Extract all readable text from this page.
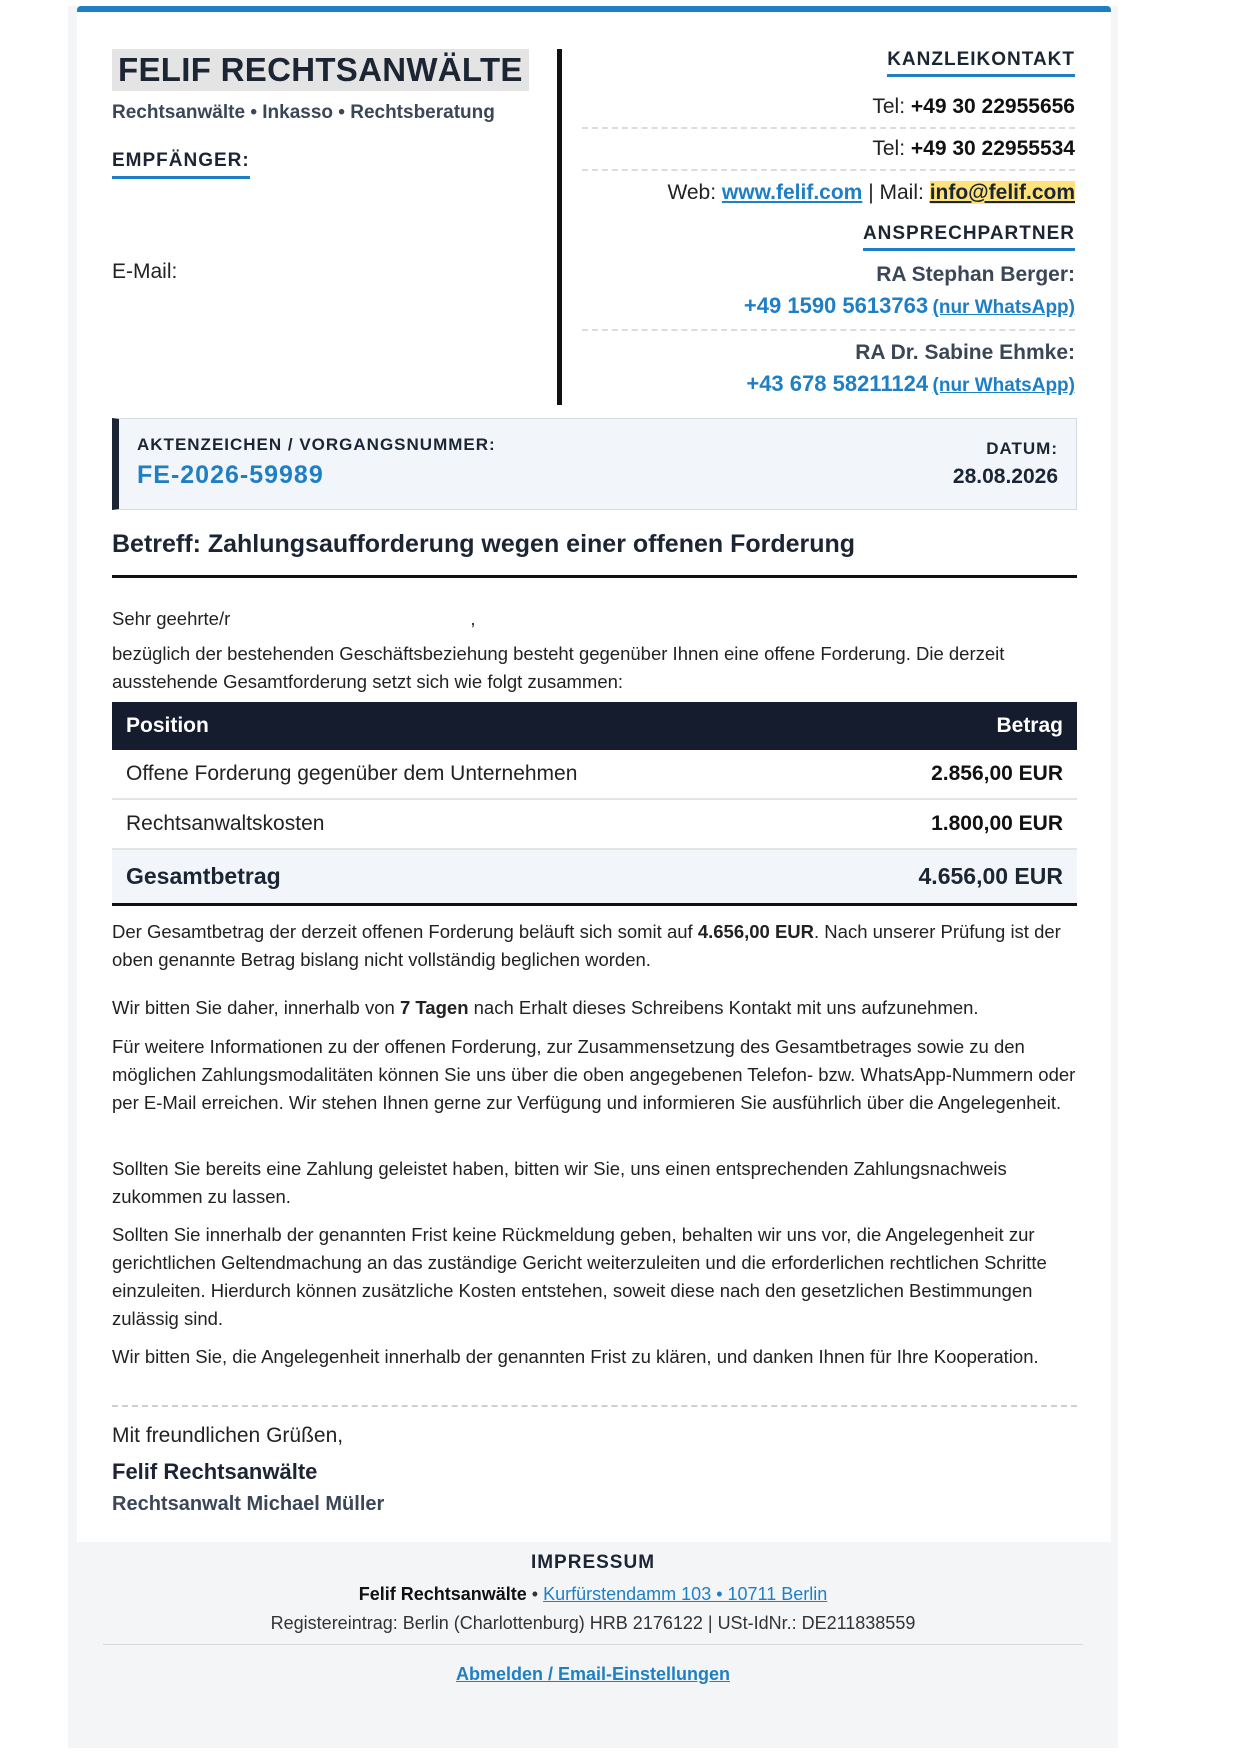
FELIF RECHTSANWÄLTE
Rechtsanwälte • Inkasso • Rechtsberatung
EMPFÄNGER:
E-Mail:
KANZLEIKONTAKT
Tel: +49 30 22955656
Tel: +49 30 22955534
Web: www.felif.com | Mail: info@felif.com
ANSPRECHPARTNER
RA Stephan Berger:
+49 1590 5613763 (nur WhatsApp)
RA Dr. Sabine Ehmke:
+43 678 58211124 (nur WhatsApp)
AKTENZEICHEN / VORGANGSNUMMER:
FE-2026-59989
DATUM:
28.08.2026
Betreff: Zahlungsaufforderung wegen einer offenen Forderung
Sehr geehrte/r	,
bezüglich der bestehenden Geschäftsbeziehung besteht gegenüber Ihnen eine offene Forderung. Die derzeit ausstehende Gesamtforderung setzt sich wie folgt zusammen:
Position	Betrag
Offene Forderung gegenüber dem Unternehmen	2.856,00 EUR
Rechtsanwaltskosten	1.800,00 EUR
Gesamtbetrag	4.656,00 EUR
Der Gesamtbetrag der derzeit offenen Forderung beläuft sich somit auf 4.656,00 EUR. Nach unserer Prüfung ist der oben genannte Betrag bislang nicht vollständig beglichen worden.
Wir bitten Sie daher, innerhalb von 7 Tagen nach Erhalt dieses Schreibens Kontakt mit uns aufzunehmen.
Für weitere Informationen zu der offenen Forderung, zur Zusammensetzung des Gesamtbetrages sowie zu den möglichen Zahlungsmodalitäten können Sie uns über die oben angegebenen Telefon- bzw. WhatsApp-Nummern oder per E-Mail erreichen. Wir stehen Ihnen gerne zur Verfügung und informieren Sie ausführlich über die Angelegenheit.
Sollten Sie bereits eine Zahlung geleistet haben, bitten wir Sie, uns einen entsprechenden Zahlungsnachweis zukommen zu lassen.
Sollten Sie innerhalb der genannten Frist keine Rückmeldung geben, behalten wir uns vor, die Angelegenheit zur gerichtlichen Geltendmachung an das zuständige Gericht weiterzuleiten und die erforderlichen rechtlichen Schritte einzuleiten. Hierdurch können zusätzliche Kosten entstehen, soweit diese nach den gesetzlichen Bestimmungen zulässig sind.
Wir bitten Sie, die Angelegenheit innerhalb der genannten Frist zu klären, und danken Ihnen für Ihre Kooperation.
Mit freundlichen Grüßen,
Felif Rechtsanwälte
Rechtsanwalt Michael Müller
IMPRESSUM
Felif Rechtsanwälte • Kurfürstendamm 103 • 10711 Berlin
Registereintrag: Berlin (Charlottenburg) HRB 2176122 | USt-IdNr.: DE211838559
Abmelden / Email-Einstellungen
